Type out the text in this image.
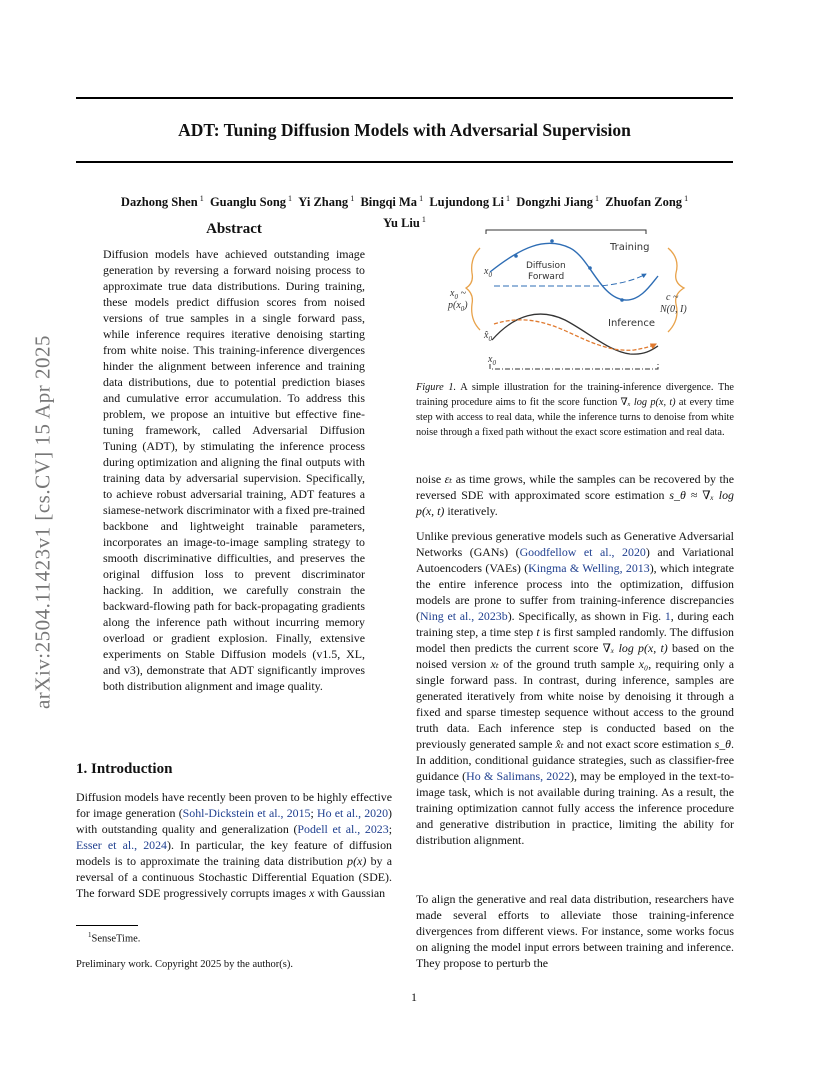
arXiv:2504.11423v1 [cs.CV] 15 Apr 2025
ADT: Tuning Diffusion Models with Adversarial Supervision
Dazhong Shen $^1$ Guanglu Song $^1$ Yi Zhang $^1$ Bingqi Ma $^1$ Lujundong Li $^1$ Dongzhi Jiang $^1$ Zhuofan Zong $^1$
Yu Liu $^1$
Abstract
Diffusion models have achieved outstanding image generation by reversing a forward noising process to approximate true data distributions. During training, these models predict diffusion scores from noised versions of true samples in a single forward pass, while inference requires iterative denoising starting from white noise. This training-inference divergences hinder the alignment between inference and training data distributions, due to potential prediction biases and cumulative error accumulation. To address this problem, we propose an intuitive but effective fine-tuning framework, called Adversarial Diffusion Tuning (ADT), by stimulating the inference process during optimization and aligning the final outputs with training data by adversarial supervision. Specifically, to achieve robust adversarial training, ADT features a siamese-network discriminator with a fixed pre-trained backbone and lightweight trainable parameters, incorporates an image-to-image sampling strategy to smooth discriminative difficulties, and preserves the original diffusion loss to prevent discriminator hacking. In addition, we carefully constrain the backward-flowing path for back-propagating gradients along the inference path without incurring memory overload or gradient explosion. Finally, extensive experiments on Stable Diffusion models (v1.5, XL, and v3), demonstrate that ADT significantly improves both distribution alignment and image quality.
1. Introduction
Diffusion models have recently been proven to be highly effective for image generation (Sohl-Dickstein et al., 2015; Ho et al., 2020) with outstanding quality and generalization (Podell et al., 2023; Esser et al., 2024). In particular, the key feature of diffusion models is to approximate the training data distribution p(x) by a reversal of a continuous Stochastic Differential Equation (SDE). The forward SDE progressively corrupts images x with Gaussian
$^1$SenseTime.
Preliminary work. Copyright 2025 by the author(s).
Training
Diffusion
Forward
Inference
$x_0$
$x_0$ ~
$p(x_0)$
c ~
N(0, I)
$x̂_0$
$x_0$
Figure 1. A simple illustration for the training-inference divergence. The training procedure aims to fit the score function ∇ₓ log p(x, t) at every time step with access to real data, while the inference turns to denoise from white noise through a fixed path without the exact score estimation and real data.
noise εₜ as time grows, while the samples can be recovered by the reversed SDE with approximated score estimation s_θ ≈ ∇ₓ log p(x, t) iteratively.
Unlike previous generative models such as Generative Adversarial Networks (GANs) (Goodfellow et al., 2020) and Variational Autoencoders (VAEs) (Kingma & Welling, 2013), which integrate the entire inference process into the optimization, diffusion models are prone to suffer from training-inference discrepancies (Ning et al., 2023b). Specifically, as shown in Fig. 1, during each training step, a time step t is first sampled randomly. The diffusion model then predicts the current score ∇ₓ log p(x, t) based on the noised version xₜ of the ground truth sample x₀, requiring only a single forward pass. In contrast, during inference, samples are generated iteratively from white noise by denoising it through a fixed and sparse timestep sequence without access to the ground truth data. Each inference step is conducted based on the previously generated sample x̂ₜ and not exact score estimation s_θ. In addition, conditional guidance strategies, such as classifier-free guidance (Ho & Salimans, 2022), may be employed in the text-to-image task, which is not available during training. As a result, the training optimization cannot fully access the inference procedure and generative distribution in practice, limiting the ability for distribution alignment.
To align the generative and real data distribution, researchers have made several efforts to alleviate those training-inference divergences from different views. For instance, some works focus on aligning the model input errors between training and inference. They propose to perturb the
1
